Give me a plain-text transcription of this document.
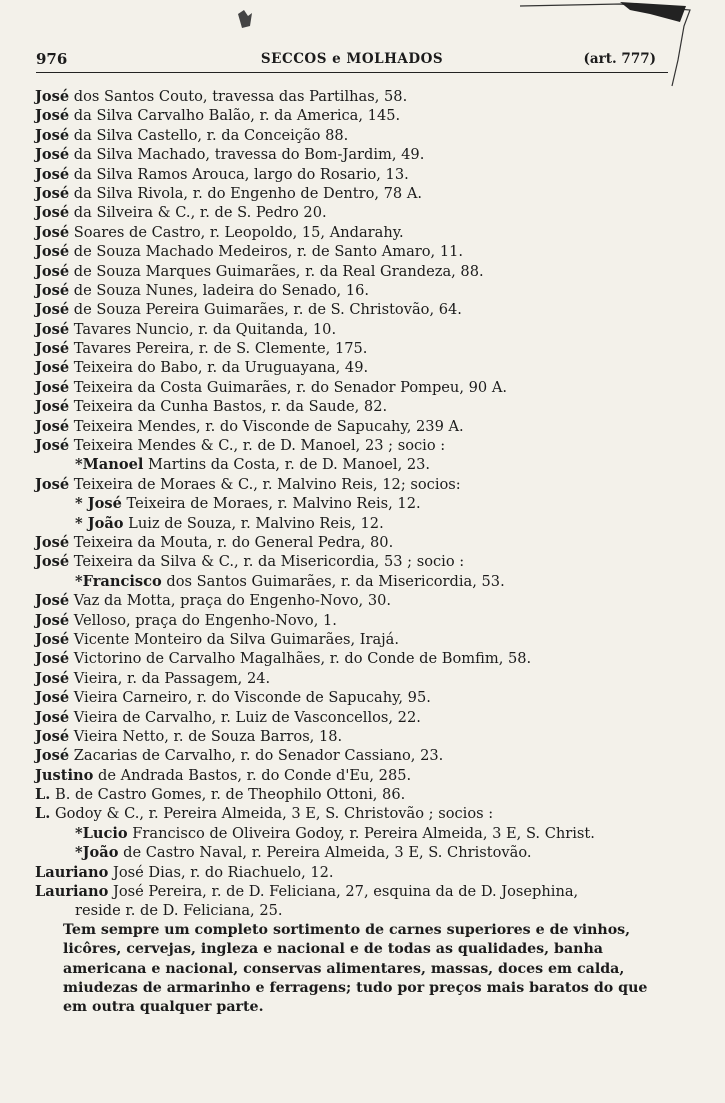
976	SECCOS e MOLHADOS	(art. 777)
José dos Santos Couto, travessa das Partilhas, 58.
José da Silva Carvalho Balão, r. da America, 145.
José da Silva Castello, r. da Conceição 88.
José da Silva Machado, travessa do Bom-Jardim, 49.
José da Silva Ramos Arouca, largo do Rosario, 13.
José da Silva Rivola, r. do Engenho de Dentro, 78 A.
José da Silveira & C., r. de S. Pedro 20.
José Soares de Castro, r. Leopoldo, 15, Andarahy.
José de Souza Machado Medeiros, r. de Santo Amaro, 11.
José de Souza Marques Guimarães, r. da Real Grandeza, 88.
José de Souza Nunes, ladeira do Senado, 16.
José de Souza Pereira Guimarães, r. de S. Christovão, 64.
José Tavares Nuncio, r. da Quitanda, 10.
José Tavares Pereira, r. de S. Clemente, 175.
José Teixeira do Babo, r. da Uruguayana, 49.
José Teixeira da Costa Guimarães, r. do Senador Pompeu, 90 A.
José Teixeira da Cunha Bastos, r. da Saude, 82.
José Teixeira Mendes, r. do Visconde de Sapucahy, 239 A.
José Teixeira Mendes & C., r. de D. Manoel, 23 ; socio :
*Manoel Martins da Costa, r. de D. Manoel, 23.
José Teixeira de Moraes & C., r. Malvino Reis, 12; socios:
* José Teixeira de Moraes, r. Malvino Reis, 12.
* João Luiz de Souza, r. Malvino Reis, 12.
José Teixeira da Mouta, r. do General Pedra, 80.
José Teixeira da Silva & C., r. da Misericordia, 53 ; socio :
*Francisco dos Santos Guimarães, r. da Misericordia, 53.
José Vaz da Motta, praça do Engenho-Novo, 30.
José Velloso, praça do Engenho-Novo, 1.
José Vicente Monteiro da Silva Guimarães, Irajá.
José Victorino de Carvalho Magalhães, r. do Conde de Bomfim, 58.
José Vieira, r. da Passagem, 24.
José Vieira Carneiro, r. do Visconde de Sapucahy, 95.
José Vieira de Carvalho, r. Luiz de Vasconcellos, 22.
José Vieira Netto, r. de Souza Barros, 18.
José Zacarias de Carvalho, r. do Senador Cassiano, 23.
Justino de Andrada Bastos, r. do Conde d'Eu, 285.
L. B. de Castro Gomes, r. de Theophilo Ottoni, 86.
L. Godoy & C., r. Pereira Almeida, 3 E, S. Christovão ; socios :
*Lucio Francisco de Oliveira Godoy, r. Pereira Almeida, 3 E, S. Christ.
*João de Castro Naval, r. Pereira Almeida, 3 E, S. Christovão.
Lauriano José Dias, r. do Riachuelo, 12.
Lauriano José Pereira, r. de D. Feliciana, 27, esquina da de D. Josephina,
reside r. de D. Feliciana, 25.
Tem sempre um completo sortimento de carnes superiores e de vinhos,
licôres, cervejas, ingleza e nacional e de todas as qualidades, banha
americana e nacional, conservas alimentares, massas, doces em calda,
miudezas de armarinho e ferragens; tudo por preços mais baratos do que
em outra qualquer parte.
